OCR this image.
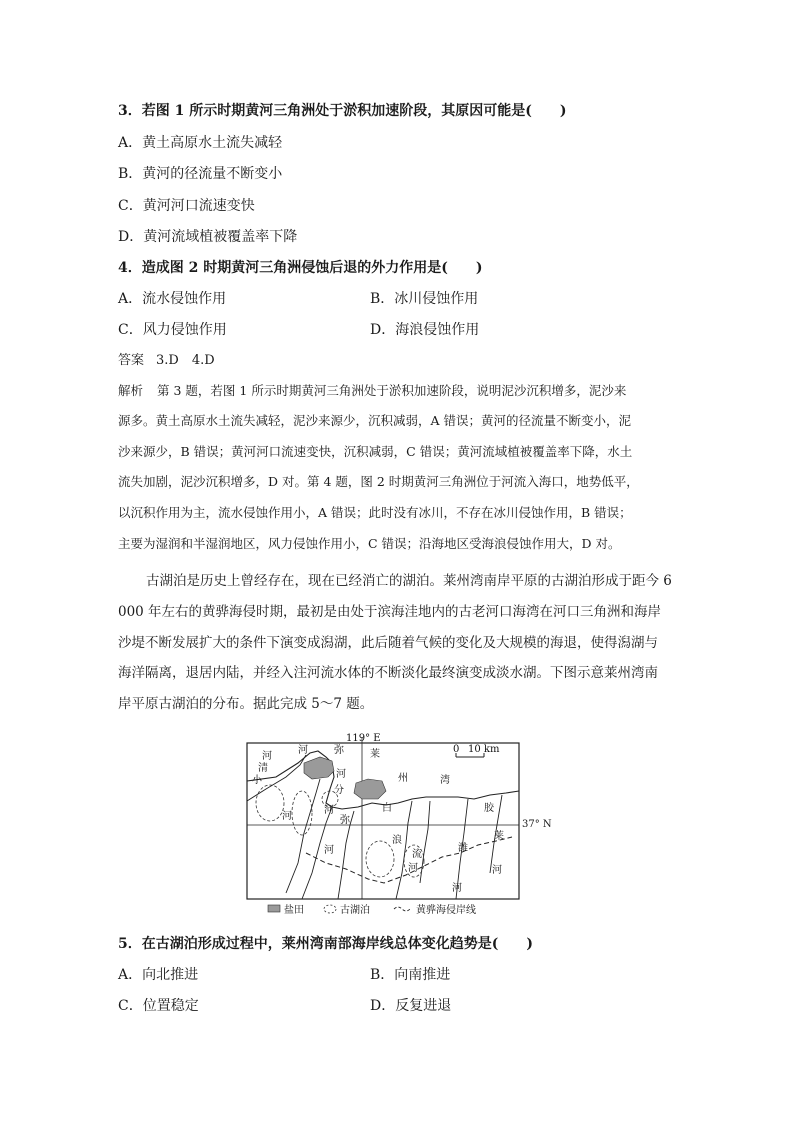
3．若图 1 所示时期黄河三角洲处于淤积加速阶段，其原因可能是(　　)
A．黄土高原水土流失减轻
B．黄河的径流量不断变小
C．黄河河口流速变快
D．黄河流域植被覆盖率下降
4．造成图 2 时期黄河三角洲侵蚀后退的外力作用是(　　)
A．流水侵蚀作用	B．冰川侵蚀作用
C．风力侵蚀作用	D．海浪侵蚀作用
答案 3.D　4.D
解析 第 3 题，若图 1 所示时期黄河三角洲处于淤积加速阶段，说明泥沙沉积增多，泥沙来
源多。黄土高原水土流失减轻，泥沙来源少，沉积减弱，A 错误；黄河的径流量不断变小，泥
沙来源少，B 错误；黄河河口流速变快，沉积减弱，C 错误；黄河流域植被覆盖率下降，水土
流失加剧，泥沙沉积增多，D 对。第 4 题，图 2 时期黄河三角洲位于河流入海口，地势低平，
以沉积作用为主，流水侵蚀作用小，A 错误；此时没有冰川，不存在冰川侵蚀作用，B 错误；
主要为湿润和半湿润地区，风力侵蚀作用小，C 错误；沿海地区受海浪侵蚀作用大，D 对。
古湖泊是历史上曾经存在，现在已经消亡的湖泊。莱州湾南岸平原的古湖泊形成于距今 6
000 年左右的黄骅海侵时期，最初是由处于滨海洼地内的古老河口海湾在河口三角洲和海岸
沙堤不断发展扩大的条件下演变成潟湖，此后随着气候的变化及大规模的海退，使得潟湖与
海洋隔离，退居内陆，并经入注河流水体的不断淡化最终演变成淡水湖。下图示意莱州湾南
岸平原古湖泊的分布。据此完成 5～7 题。
119° E
0 10 km
河
清
小
河	弥	莱
河	州	湾
分
胶
白
浪
河
弥
莱
河
潍
河
河
河
河
流
盐田	古湖泊	黄骅海侵岸线
37° N
5．在古湖泊形成过程中，莱州湾南部海岸线总体变化趋势是(　　)
A．向北推进	B．向南推进
C．位置稳定	D．反复进退
